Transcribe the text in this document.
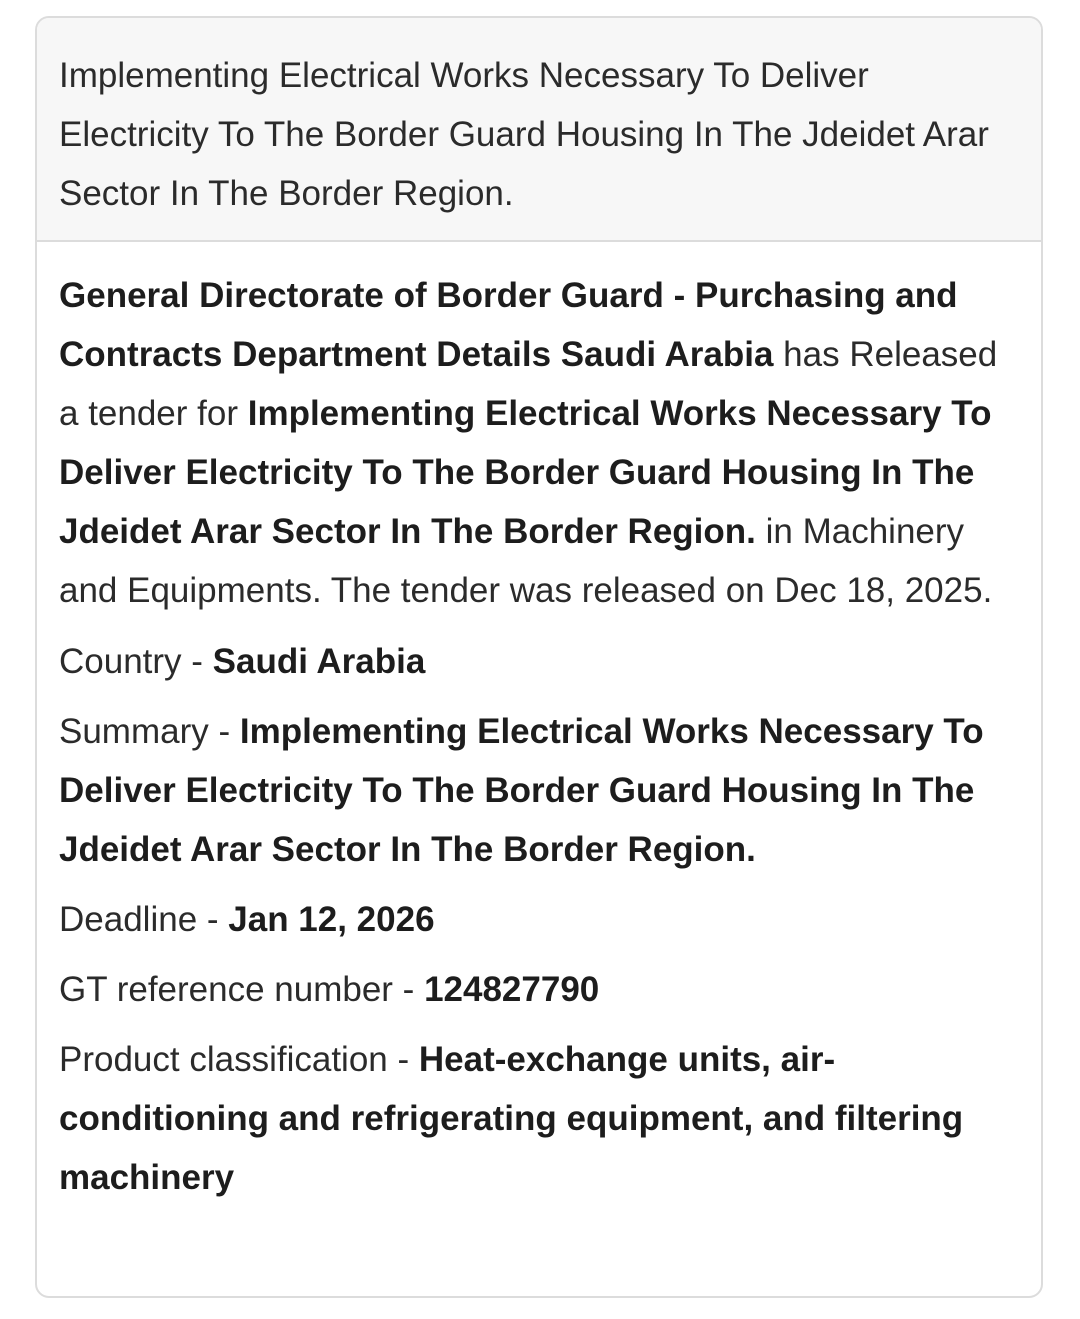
Implementing Electrical Works Necessary To Deliver Electricity To The Border Guard Housing In The Jdeidet Arar Sector In The Border Region.

General Directorate of Border Guard - Purchasing and Contracts Department Details Saudi Arabia has Released a tender for Implementing Electrical Works Necessary To Deliver Electricity To The Border Guard Housing In The Jdeidet Arar Sector In The Border Region. in Machinery and Equipments. The tender was released on Dec 18, 2025.

Country - Saudi Arabia
Summary - Implementing Electrical Works Necessary To Deliver Electricity To The Border Guard Housing In The Jdeidet Arar Sector In The Border Region.
Deadline - Jan 12, 2026
GT reference number - 124827790
Product classification - Heat-exchange units, air-conditioning and refrigerating equipment, and filtering machinery
